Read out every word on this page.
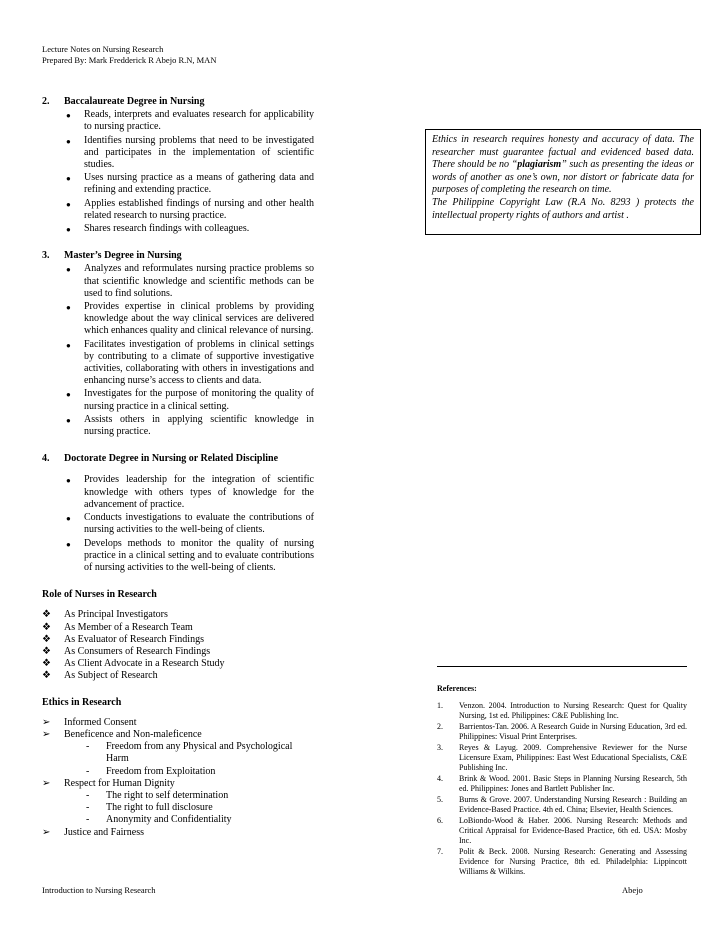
Lecture Notes on Nursing Research
Prepared By: Mark Fredderick R Abejo R.N, MAN
2.	Baccalaureate Degree in Nursing
● Reads, interprets and evaluates research for applicability to nursing practice.
● Identifies nursing problems that need to be investigated and participates in the implementation of scientific studies.
● Uses nursing practice as a means of gathering data and refining and extending practice.
● Applies established findings of nursing and other health related research to nursing practice.
● Shares research findings with colleagues.
3.	Master’s Degree in Nursing
● Analyzes and reformulates nursing practice problems so that scientific knowledge and scientific methods can be used to find solutions.
● Provides expertise in clinical problems by providing knowledge about the way clinical services are delivered which enhances quality and clinical relevance of nursing.
● Facilitates investigation of problems in clinical settings by contributing to a climate of supportive investigative activities, collaborating with others in investigations and enhancing nurse’s access to clients and data.
● Investigates for the purpose of monitoring the quality of nursing practice in a clinical setting.
● Assists others in applying scientific knowledge in nursing practice.
4.	Doctorate Degree in Nursing or Related Discipline
● Provides leadership for the integration of scientific knowledge with others types of knowledge for the advancement of practice.
● Conducts investigations to evaluate the contributions of nursing activities to the well-being of clients.
● Develops methods to monitor the quality of nursing practice in a clinical setting and to evaluate contributions of nursing activities to the well-being of clients.
Role of Nurses in Research
❖ As Principal Investigators
❖ As Member of a Research Team
❖ As Evaluator of Research Findings
❖ As Consumers of Research Findings
❖ As Client Advocate in a Research Study
❖ As Subject of Research
Ethics in Research
➢ Informed Consent
➢ Beneficence and Non-maleficence
- Freedom from any Physical and Psychological Harm
- Freedom from Exploitation
➢ Respect for Human Dignity
- The right to self determination
- The right to full disclosure
- Anonymity and Confidentiality
➢ Justice and Fairness
Ethics in research requires honesty and accuracy of data. The researcher must guarantee factual and evidenced based data. There should be no “plagiarism” such as presenting the ideas or words of another as one’s own, nor distort or fabricate data for purposes of completing the research on time.
The Philippine Copyright Law (R.A No. 8293 ) protects the intellectual property rights of authors and artist .
References:
1. Venzon. 2004. Introduction to Nursing Research: Quest for Quality Nursing, 1st ed. Philippines: C&E Publishing Inc.
2. Barrientos-Tan. 2006. A Research Guide in Nursing Education, 3rd ed. Philippines: Visual Print Enterprises.
3. Reyes & Layug. 2009. Comprehensive Reviewer for the Nurse Licensure Exam, Philippines: East West Educational Specialists, C&E Publishing Inc.
4. Brink & Wood. 2001. Basic Steps in Planning Nursing Research, 5th ed. Philippines: Jones and Bartlett Publisher Inc.
5. Burns & Grove. 2007. Understanding Nursing Research : Building an Evidence-Based Practice. 4th ed. China; Elsevier, Health Sciences.
6. LoBiondo-Wood & Haber. 2006. Nursing Research: Methods and Critical Appraisal for Evidence-Based Practice, 6th ed. USA: Mosby Inc.
7. Polit & Beck. 2008. Nursing Research: Generating and Assessing Evidence for Nursing Practice, 8th ed. Philadelphia: Lippincott Williams & Wilkins.
Introduction to Nursing Research	Abejo
